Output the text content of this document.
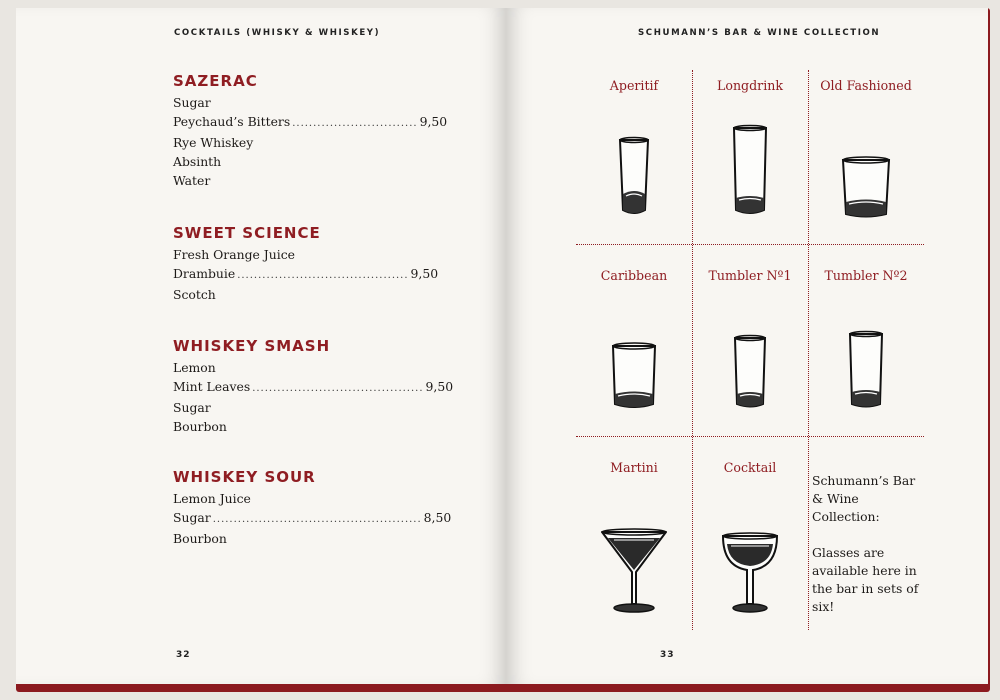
COCKTAILS (WHISKY & WHISKEY)
SAZERAC
Sugar
Peychaud’s Bitters .............................. 9,50
Rye Whiskey
Absinth
Water
SWEET SCIENCE
Fresh Orange Juice
Drambuie ......................................... 9,50
Scotch
WHISKEY SMASH
Lemon
Mint Leaves ......................................... 9,50
Sugar
Bourbon
WHISKEY SOUR
Lemon Juice
Sugar .................................................. 8,50
Bourbon
32
SCHUMANN’S BAR & WINE COLLECTION
Aperitif	Longdrink	Old Fashioned
Caribbean	Tumbler Nº1	Tumbler Nº2
Martini	Cocktail

Schumann’s Bar & Wine Collection:

Glasses are available here in the bar in sets of six!

33
